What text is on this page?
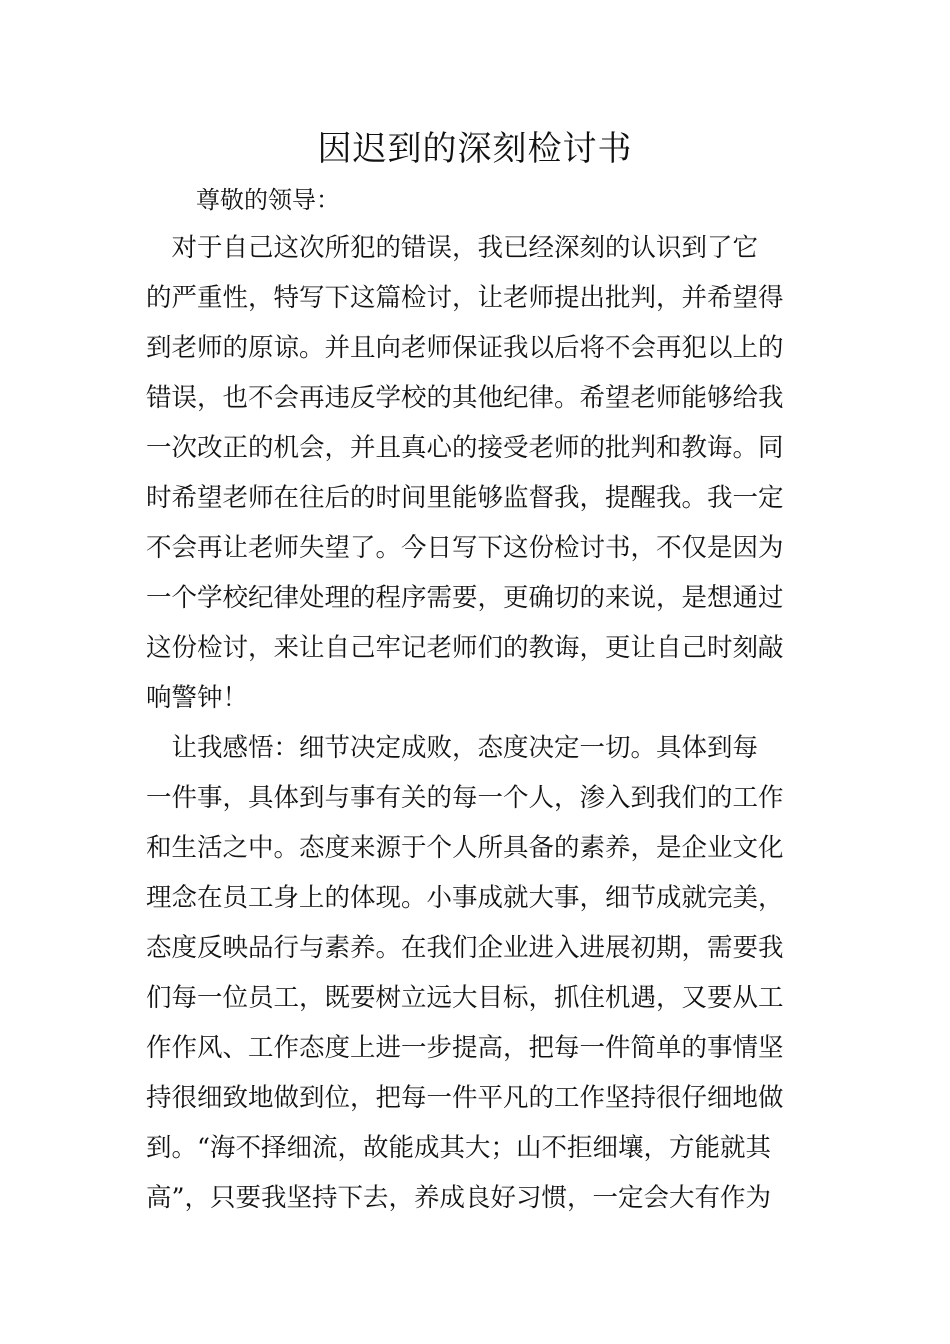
因迟到的深刻检讨书
尊敬的领导：
　对于自己这次所犯的错误，我已经深刻的认识到了它
的严重性，特写下这篇检讨，让老师提出批判，并希望得
到老师的原谅。并且向老师保证我以后将不会再犯以上的
错误，也不会再违反学校的其他纪律。希望老师能够给我
一次改正的机会，并且真心的接受老师的批判和教诲。同
时希望老师在往后的时间里能够监督我，提醒我。我一定
不会再让老师失望了。今日写下这份检讨书，不仅是因为
一个学校纪律处理的程序需要，更确切的来说，是想通过
这份检讨，来让自己牢记老师们的教诲，更让自己时刻敲
响警钟！
　让我感悟：细节决定成败，态度决定一切。具体到每
一件事，具体到与事有关的每一个人，渗入到我们的工作
和生活之中。态度来源于个人所具备的素养，是企业文化
理念在员工身上的体现。小事成就大事，细节成就完美，
态度反映品行与素养。在我们企业进入进展初期，需要我
们每一位员工，既要树立远大目标，抓住机遇，又要从工
作作风、工作态度上进一步提高，把每一件简单的事情坚
持很细致地做到位，把每一件平凡的工作坚持很仔细地做
到。“海不择细流，故能成其大；山不拒细壤，方能就其
高”，只要我坚持下去，养成良好习惯，一定会大有作为
